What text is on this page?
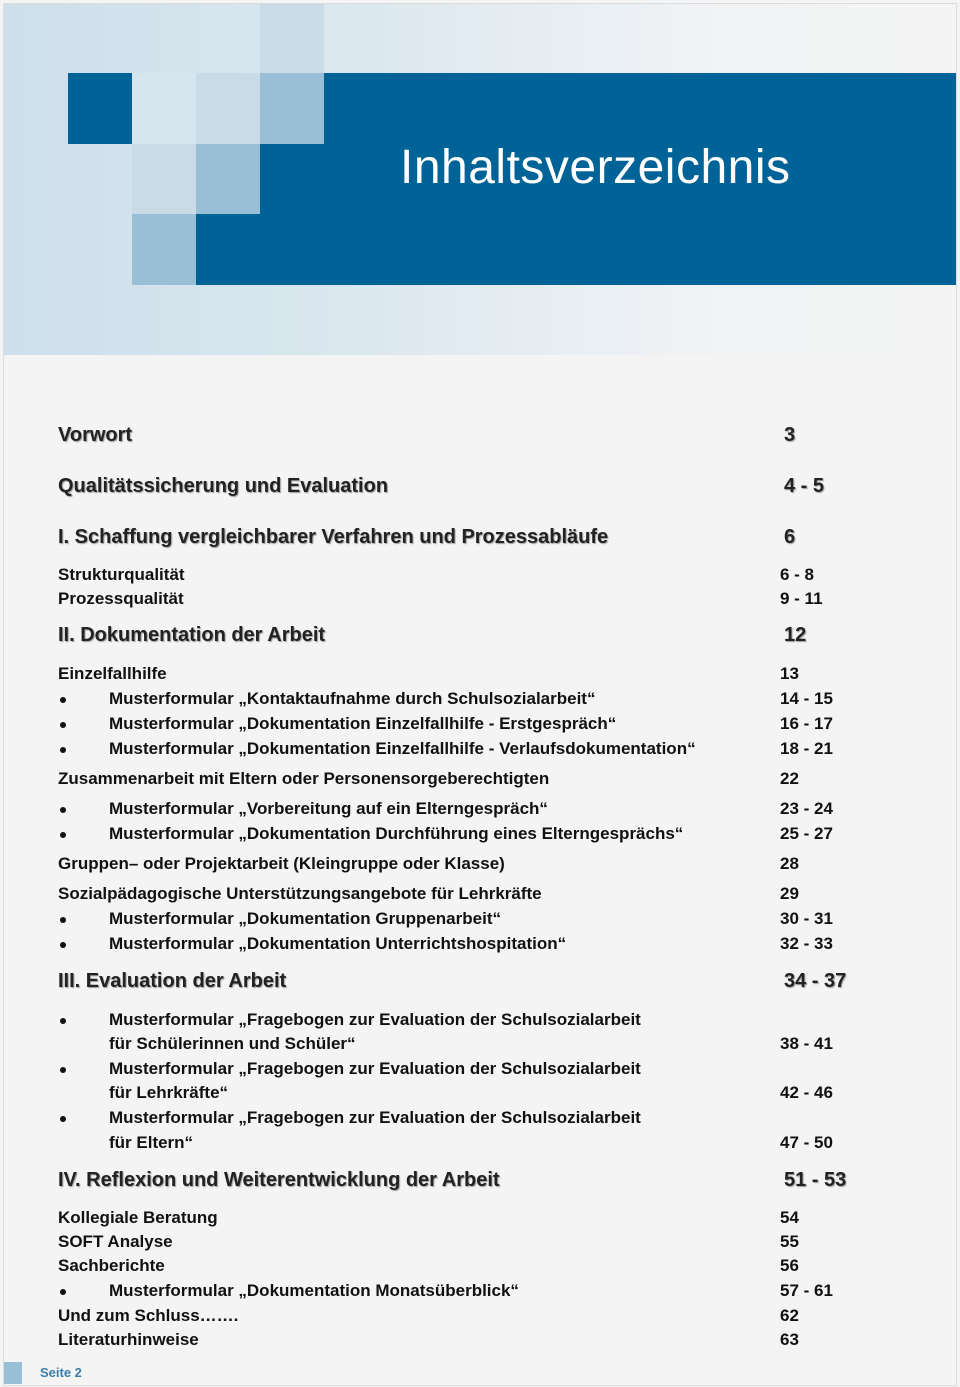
Inhaltsverzeichnis
Vorwort	3
Qualitätssicherung und Evaluation	4 - 5
I. Schaffung vergleichbarer Verfahren und Prozessabläufe	6
Strukturqualität	6 - 8
Prozessqualität	9 - 11
II. Dokumentation der Arbeit	12
Einzelfallhilfe	13
Musterformular „Kontaktaufnahme durch Schulsozialarbeit“	14 - 15
Musterformular „Dokumentation Einzelfallhilfe - Erstgespräch“	16 - 17
Musterformular „Dokumentation Einzelfallhilfe - Verlaufsdokumentation“	18 - 21
Zusammenarbeit mit Eltern oder Personensorgeberechtigten	22
Musterformular „Vorbereitung auf ein Elterngespräch“	23 - 24
Musterformular „Dokumentation Durchführung eines Elterngesprächs“	25 - 27
Gruppen– oder Projektarbeit (Kleingruppe oder Klasse)	28
Sozialpädagogische Unterstützungsangebote für Lehrkräfte	29
Musterformular „Dokumentation Gruppenarbeit“	30 - 31
Musterformular „Dokumentation Unterrichtshospitation“	32 - 33
III. Evaluation der Arbeit	34 - 37
Musterformular „Fragebogen zur Evaluation der Schulsozialarbeit
für Schülerinnen und Schüler“	38 - 41
Musterformular „Fragebogen zur Evaluation der Schulsozialarbeit
für Lehrkräfte“	42 - 46
Musterformular „Fragebogen zur Evaluation der Schulsozialarbeit
für Eltern“	47 - 50
IV. Reflexion und Weiterentwicklung der Arbeit	51 - 53
Kollegiale Beratung	54
SOFT Analyse	55
Sachberichte	56
Musterformular „Dokumentation Monatsüberblick“	57 - 61
Und zum Schluss…….	62
Literaturhinweise	63
Seite 2
